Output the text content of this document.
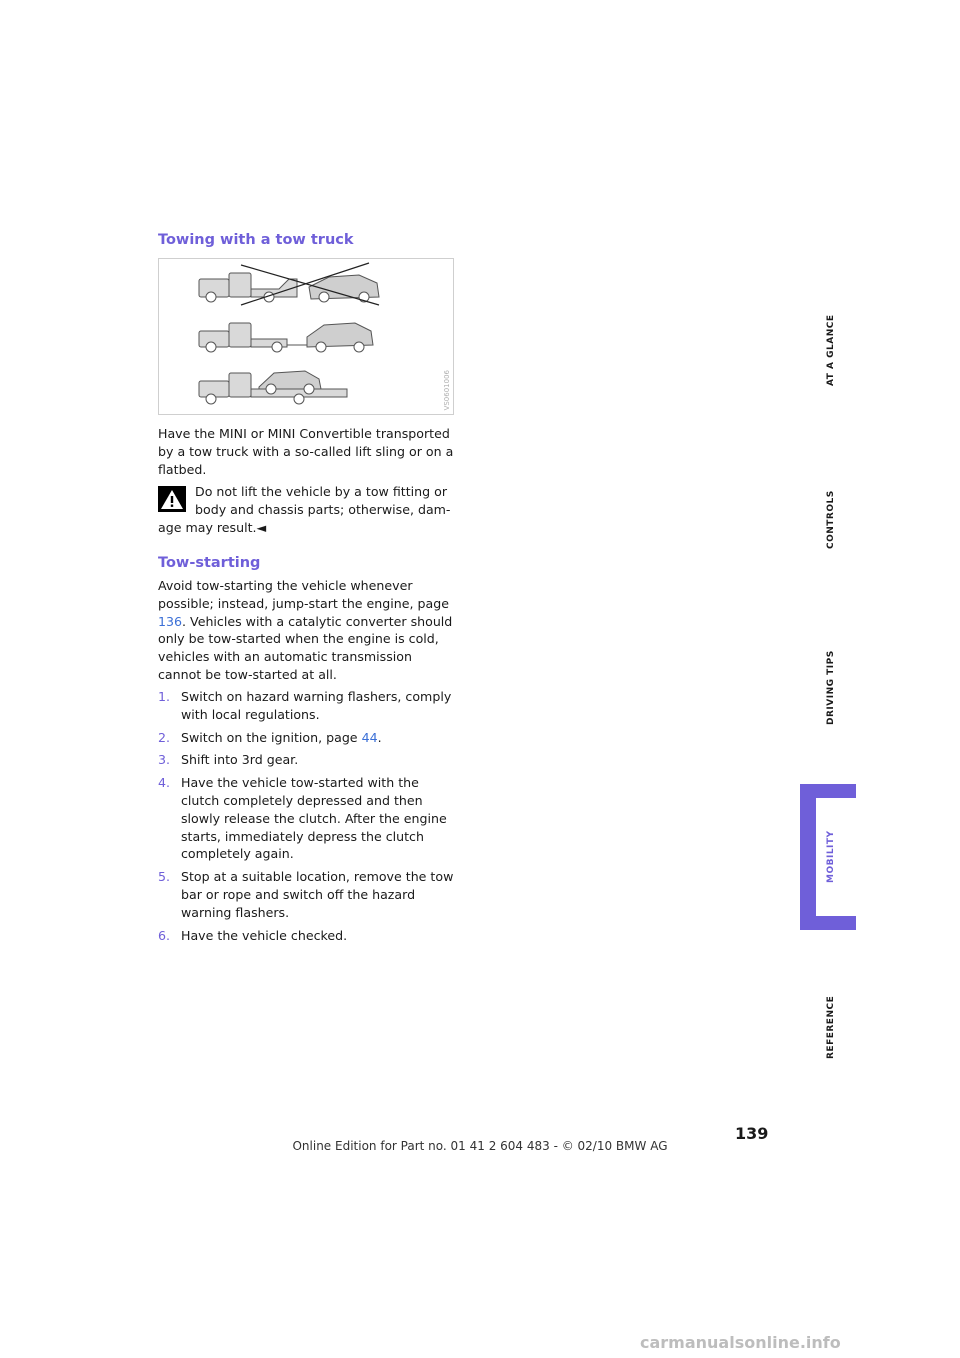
Towing with a tow truck
VS0601006

Have the MINI or MINI Convertible transported by a tow truck with a so-called lift sling or on a flatbed.

Do not lift the vehicle by a tow fitting or

body and chassis parts; otherwise, dam-

age may result.◄

Tow-starting

Avoid tow-starting the vehicle whenever possible; instead, jump-start the engine, page 136. Vehicles with a catalytic converter should only be tow-started when the engine is cold, vehicles with an automatic transmission cannot be tow-started at all.

1. Switch on hazard warning flashers, comply with local regulations.
2. Switch on the ignition, page 44.
3. Shift into 3rd gear.
4. Have the vehicle tow-started with the clutch completely depressed and then slowly release the clutch. After the engine starts, immediately depress the clutch completely again.
5. Stop at a suitable location, remove the tow bar or rope and switch off the hazard warning flashers.
6. Have the vehicle checked.
AT A GLANCE
CONTROLS
DRIVING TIPS
MOBILITY
REFERENCE
139
Online Edition for Part no. 01 41 2 604 483 - © 02/10 BMW AG
carmanualsonline.info
